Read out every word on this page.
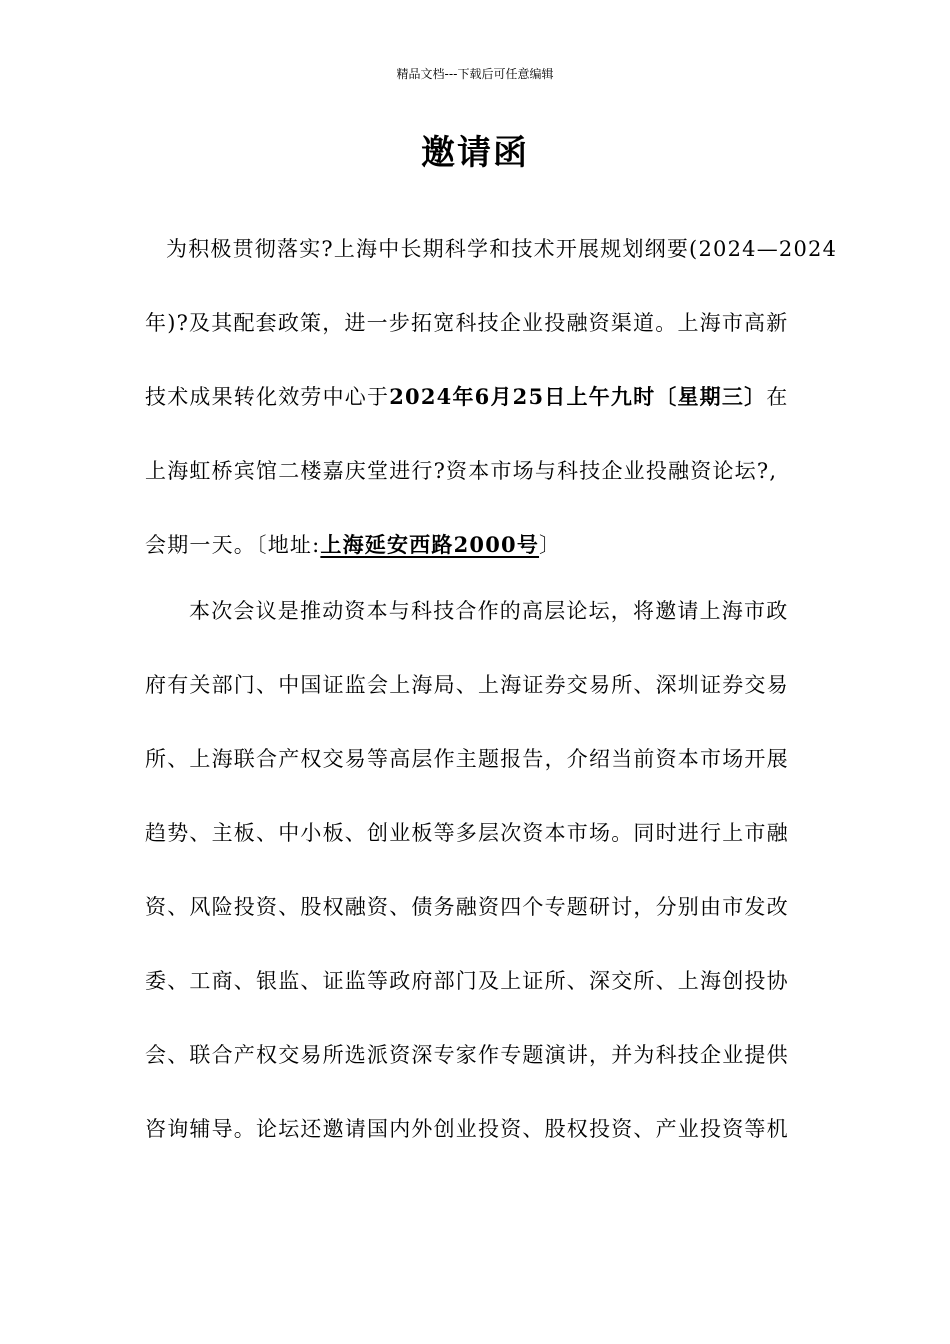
精品文档---下载后可任意编辑
邀请函
为积极贯彻落实?上海中长期科学和技术开展规划纲要(2024—2024
年)?及其配套政策，进一步拓宽科技企业投融资渠道。上海市高新
技术成果转化效劳中心于2024年6月25日上午九时〔星期三〕在
上海虹桥宾馆二楼嘉庆堂进行?资本市场与科技企业投融资论坛?,
会期一天。〔地址:上海延安西路2000号〕
本次会议是推动资本与科技合作的高层论坛，将邀请上海市政
府有关部门、中国证监会上海局、上海证券交易所、深圳证券交易
所、上海联合产权交易等高层作主题报告，介绍当前资本市场开展
趋势、主板、中小板、创业板等多层次资本市场。同时进行上市融
资、风险投资、股权融资、债务融资四个专题研讨，分别由市发改
委、工商、银监、证监等政府部门及上证所、深交所、上海创投协
会、联合产权交易所选派资深专家作专题演讲，并为科技企业提供
咨询辅导。论坛还邀请国内外创业投资、股权投资、产业投资等机
